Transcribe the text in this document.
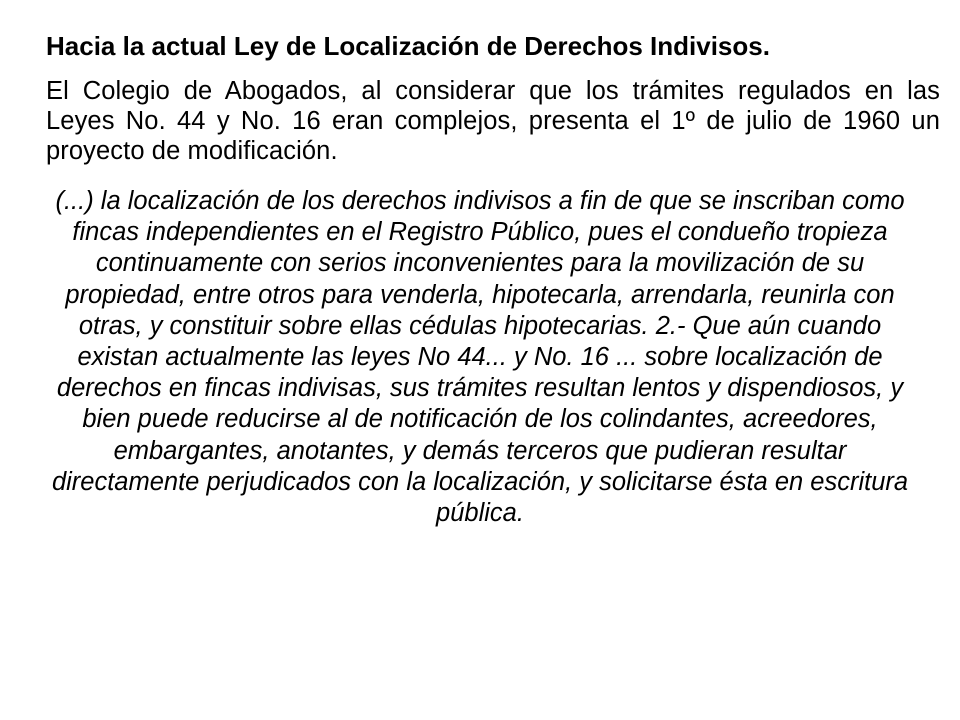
Hacia la actual Ley de Localización de Derechos Indivisos.
El Colegio de Abogados, al considerar que los trámites regulados en las Leyes No. 44 y No. 16 eran complejos, presenta el 1º de julio de 1960 un proyecto de modificación.
(...) la localización de los derechos indivisos a fin de que se inscriban como fincas independientes en el Registro Público, pues el condueño tropieza continuamente con serios inconvenientes para la movilización de su propiedad, entre otros para venderla, hipotecarla, arrendarla, reunirla con otras, y constituir sobre ellas cédulas hipotecarias. 2.- Que aún cuando existan actualmente las leyes No 44... y No. 16 ... sobre localización de derechos en fincas indivisas, sus trámites resultan lentos y dispendiosos, y bien puede reducirse al de notificación de los colindantes, acreedores, embargantes, anotantes, y demás terceros que pudieran resultar directamente perjudicados con la localización, y solicitarse ésta en escritura pública.
